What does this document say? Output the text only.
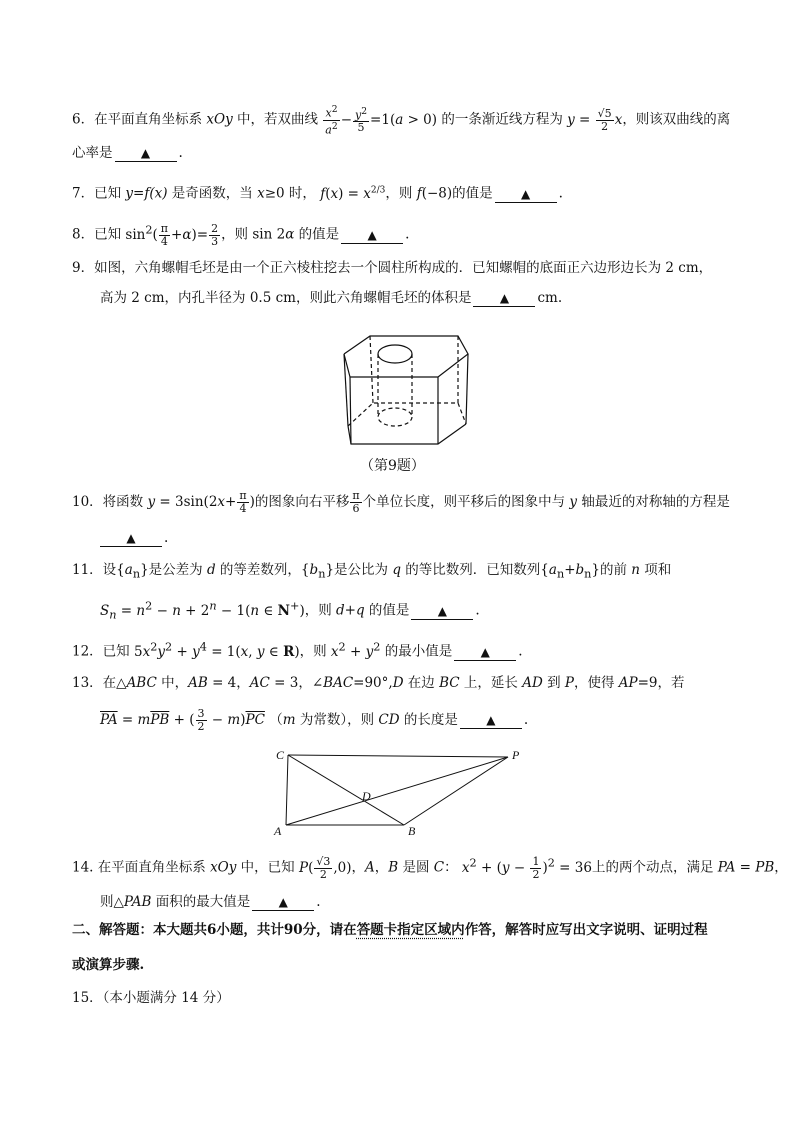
6．在平面直角坐标系 xOy 中，若双曲线 $\frac{x^2}{a^2} - \frac{y^2}{5} =1(a > 0)$ 的一条渐近线方程为 $y = \frac{√5}{2}$ x，则该双曲线的离
心率是 ▲ .
7．已知 y=f(x) 是奇函数，当 x≥0 时， $f(x) = x^{2/3}$，则 f(−8)的值是 ▲ .
8．已知 $\sin^2( \frac{\pi}{4} +\alpha)= \frac{2}{3}$ ，则 sin 2α 的值是 ▲ .
9．如图，六角螺帽毛坯是由一个正六棱柱挖去一个圆柱所构成的．已知螺帽的底面正六边形边长为 2 cm，
高为 2 cm，内孔半径为 0.5 cm，则此六角螺帽毛坯的体积是 ▲ cm.
（第9题）
10．将函数 $y = 3\sin(2x+ \frac{\pi}{4}$ )的图象向右平移 $\frac{\pi}{6}$ 个单位长度，则平移后的图象中与 y 轴最近的对称轴的方程是
▲ .
11．设$\{a_n\}$是公差为 d 的等差数列，$\{b_n\}$是公比为 q 的等比数列．已知数列$\{a_n+b_n\}$的前 n 项和
$S_n = n^2 - n + 2^n - 1(n$ ∈ N+)，则 d+q 的值是 ▲ .
12．已知 $5x^2y^2 + y^4 = 1(x$, y ∈ R)，则 $x^2 + y^2$ 的最小值是 ▲ .
13．在△ABC 中，AB = 4，AC = 3，∠BAC=90°,D 在边 BC 上，延长 AD 到 P，使得 AP=9，若
$\overline{PA} = m\overline{PB}$ + ( $\frac{3}{2} - m)\overline{PC}$ （m 为常数），则 CD 的长度是 ▲ .
C	P
D
A	B
14. 在平面直角坐标系 xOy 中，已知 $P( \frac{√3}{2} ,0)$，A，B 是圆 C： $x^2 + (y - \frac{1}{2} )^2 = 36$上的两个动点，满足 PA = PB，
则△PAB 面积的最大值是 ▲ .
二、解答题：本大题共6小题，共计90分，请在答题卡指定区域内作答，解答时应写出文字说明、证明过程
或演算步骤.
15．（本小题满分 14 分）
